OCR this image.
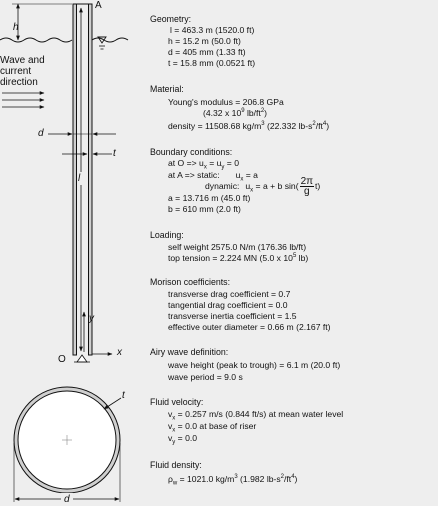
A
h
Wave and
current
direction
d
t
l
y
x
O
t
d
Geometry:
l = 463.3 m (1520.0 ft)
h = 15.2 m (50.0 ft)
d = 405 mm (1.33 ft)
t = 15.8 mm (0.0521 ft)
Material:
Young's modulus = 206.8 GPa
(4.32 x $10^9$ $lb/ft^2$)
density = 11508.68 $kg/m^3$ (22.332 $lb-s^2/ft^4$)
Boundary conditions:
at $O => u_x = u_y = 0$
at A => static: $u_x = a$
dynamic: $u_x = a + b$ $\sin( \frac{2\pi}{g} t)$
a = 13.716 m (45.0 ft)
b = 610 mm (2.0 ft)
Loading:
self weight 2575.0 N/m (176.36 lb/ft)
top tension = 2.224 MN (5.0 x $10^5$ lb)
Morison coefficients:
transverse drag coefficient = 0.7
tangential drag coefficient = 0.0
transverse inertia coefficient = 1.5
effective outer diameter = 0.66 m (2.167 ft)
Airy wave definition:
wave height (peak to trough) = 6.1 m (20.0 ft)
wave period = 9.0 s
Fluid velocity:
$v_x = 0.257$ m/s (0.844 ft/s) at mean water level
$v_x = 0.0$ at base of riser
$v_y = 0.0$
Fluid density:
$\rho_w = 1021.0$ $kg/m^3$ (1.982 $lb-s^2/ft^4$)
